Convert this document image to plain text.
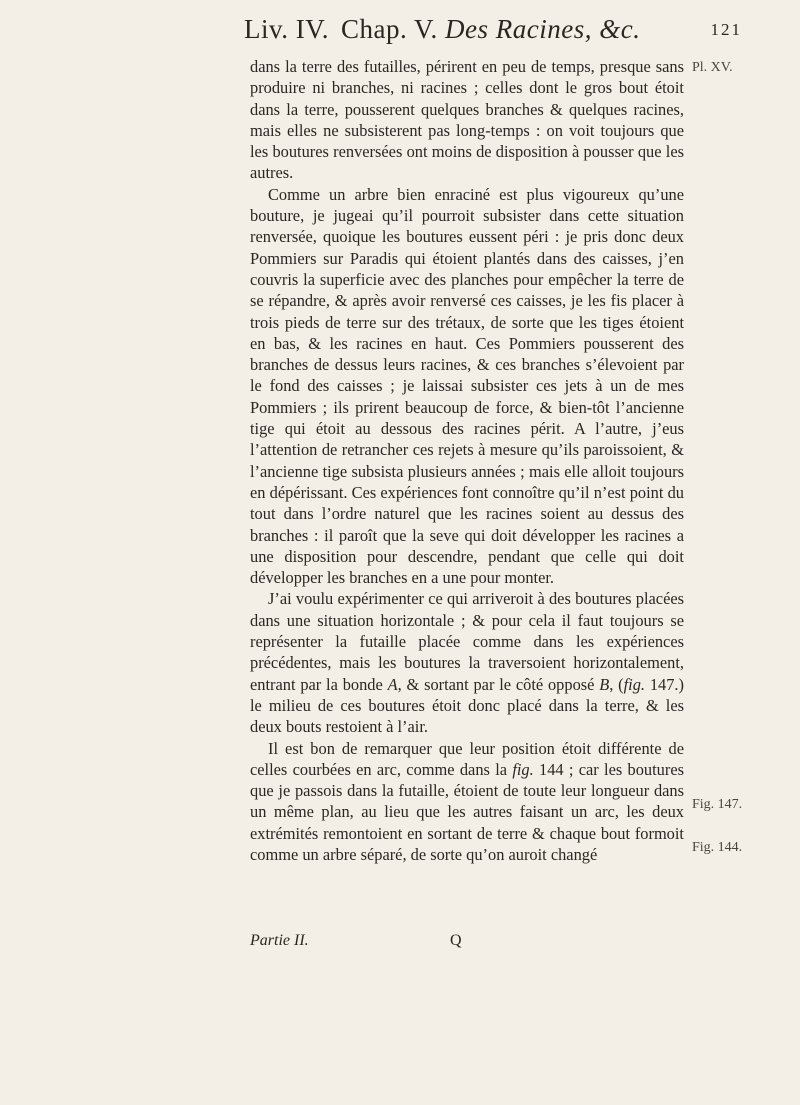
Liv. IV. Chap. V. Des Racines, &c.	121

dans la terre des futailles, périrent en peu de temps, presque sans produire ni branches, ni racines ; celles dont le gros bout étoit dans la terre, pousserent quelques branches & quelques racines, mais elles ne subsisterent pas long-temps : on voit toujours que les boutures renversées ont moins de disposition à pousser que les autres.

Comme un arbre bien enraciné est plus vigoureux qu’une bouture, je jugeai qu’il pourroit subsister dans cette situation renversée, quoique les boutures eussent péri : je pris donc deux Pommiers sur Paradis qui étoient plantés dans des caisses, j’en couvris la superficie avec des planches pour empêcher la terre de se répandre, & après avoir renversé ces caisses, je les fis placer à trois pieds de terre sur des trétaux, de sorte que les tiges étoient en bas, & les racines en haut. Ces Pommiers pousserent des branches de dessus leurs racines, & ces branches s’élevoient par le fond des caisses ; je laissai subsister ces jets à un de mes Pommiers ; ils prirent beaucoup de force, & bien-tôt l’ancienne tige qui étoit au dessous des racines périt. A l’autre, j’eus l’attention de retrancher ces rejets à mesure qu’ils paroissoient, & l’ancienne tige subsista plusieurs années ; mais elle alloit toujours en dépérissant. Ces expériences font connoître qu’il n’est point du tout dans l’ordre naturel que les racines soient au dessus des branches : il paroît que la seve qui doit développer les racines a une disposition pour descendre, pendant que celle qui doit développer les branches en a une pour monter.

J’ai voulu expérimenter ce qui arriveroit à des boutures placées dans une situation horizontale ; & pour cela il faut toujours se représenter la futaille placée comme dans les expériences précédentes, mais les boutures la traversoient horizontalement, entrant par la bonde A, & sortant par le côté opposé B, (fig. 147.) le milieu de ces boutures étoit donc placé dans la terre, & les deux bouts restoient à l’air.

Il est bon de remarquer que leur position étoit différente de celles courbées en arc, comme dans la fig. 144 ; car les boutures que je passois dans la futaille, étoient de toute leur longueur dans un même plan, au lieu que les autres faisant un arc, les deux extrémités remontoient en sortant de terre & chaque bout formoit comme un arbre séparé, de sorte qu’on auroit changé

Pl. XV.
Fig. 147.
Fig. 144.
Partie II.	Q
